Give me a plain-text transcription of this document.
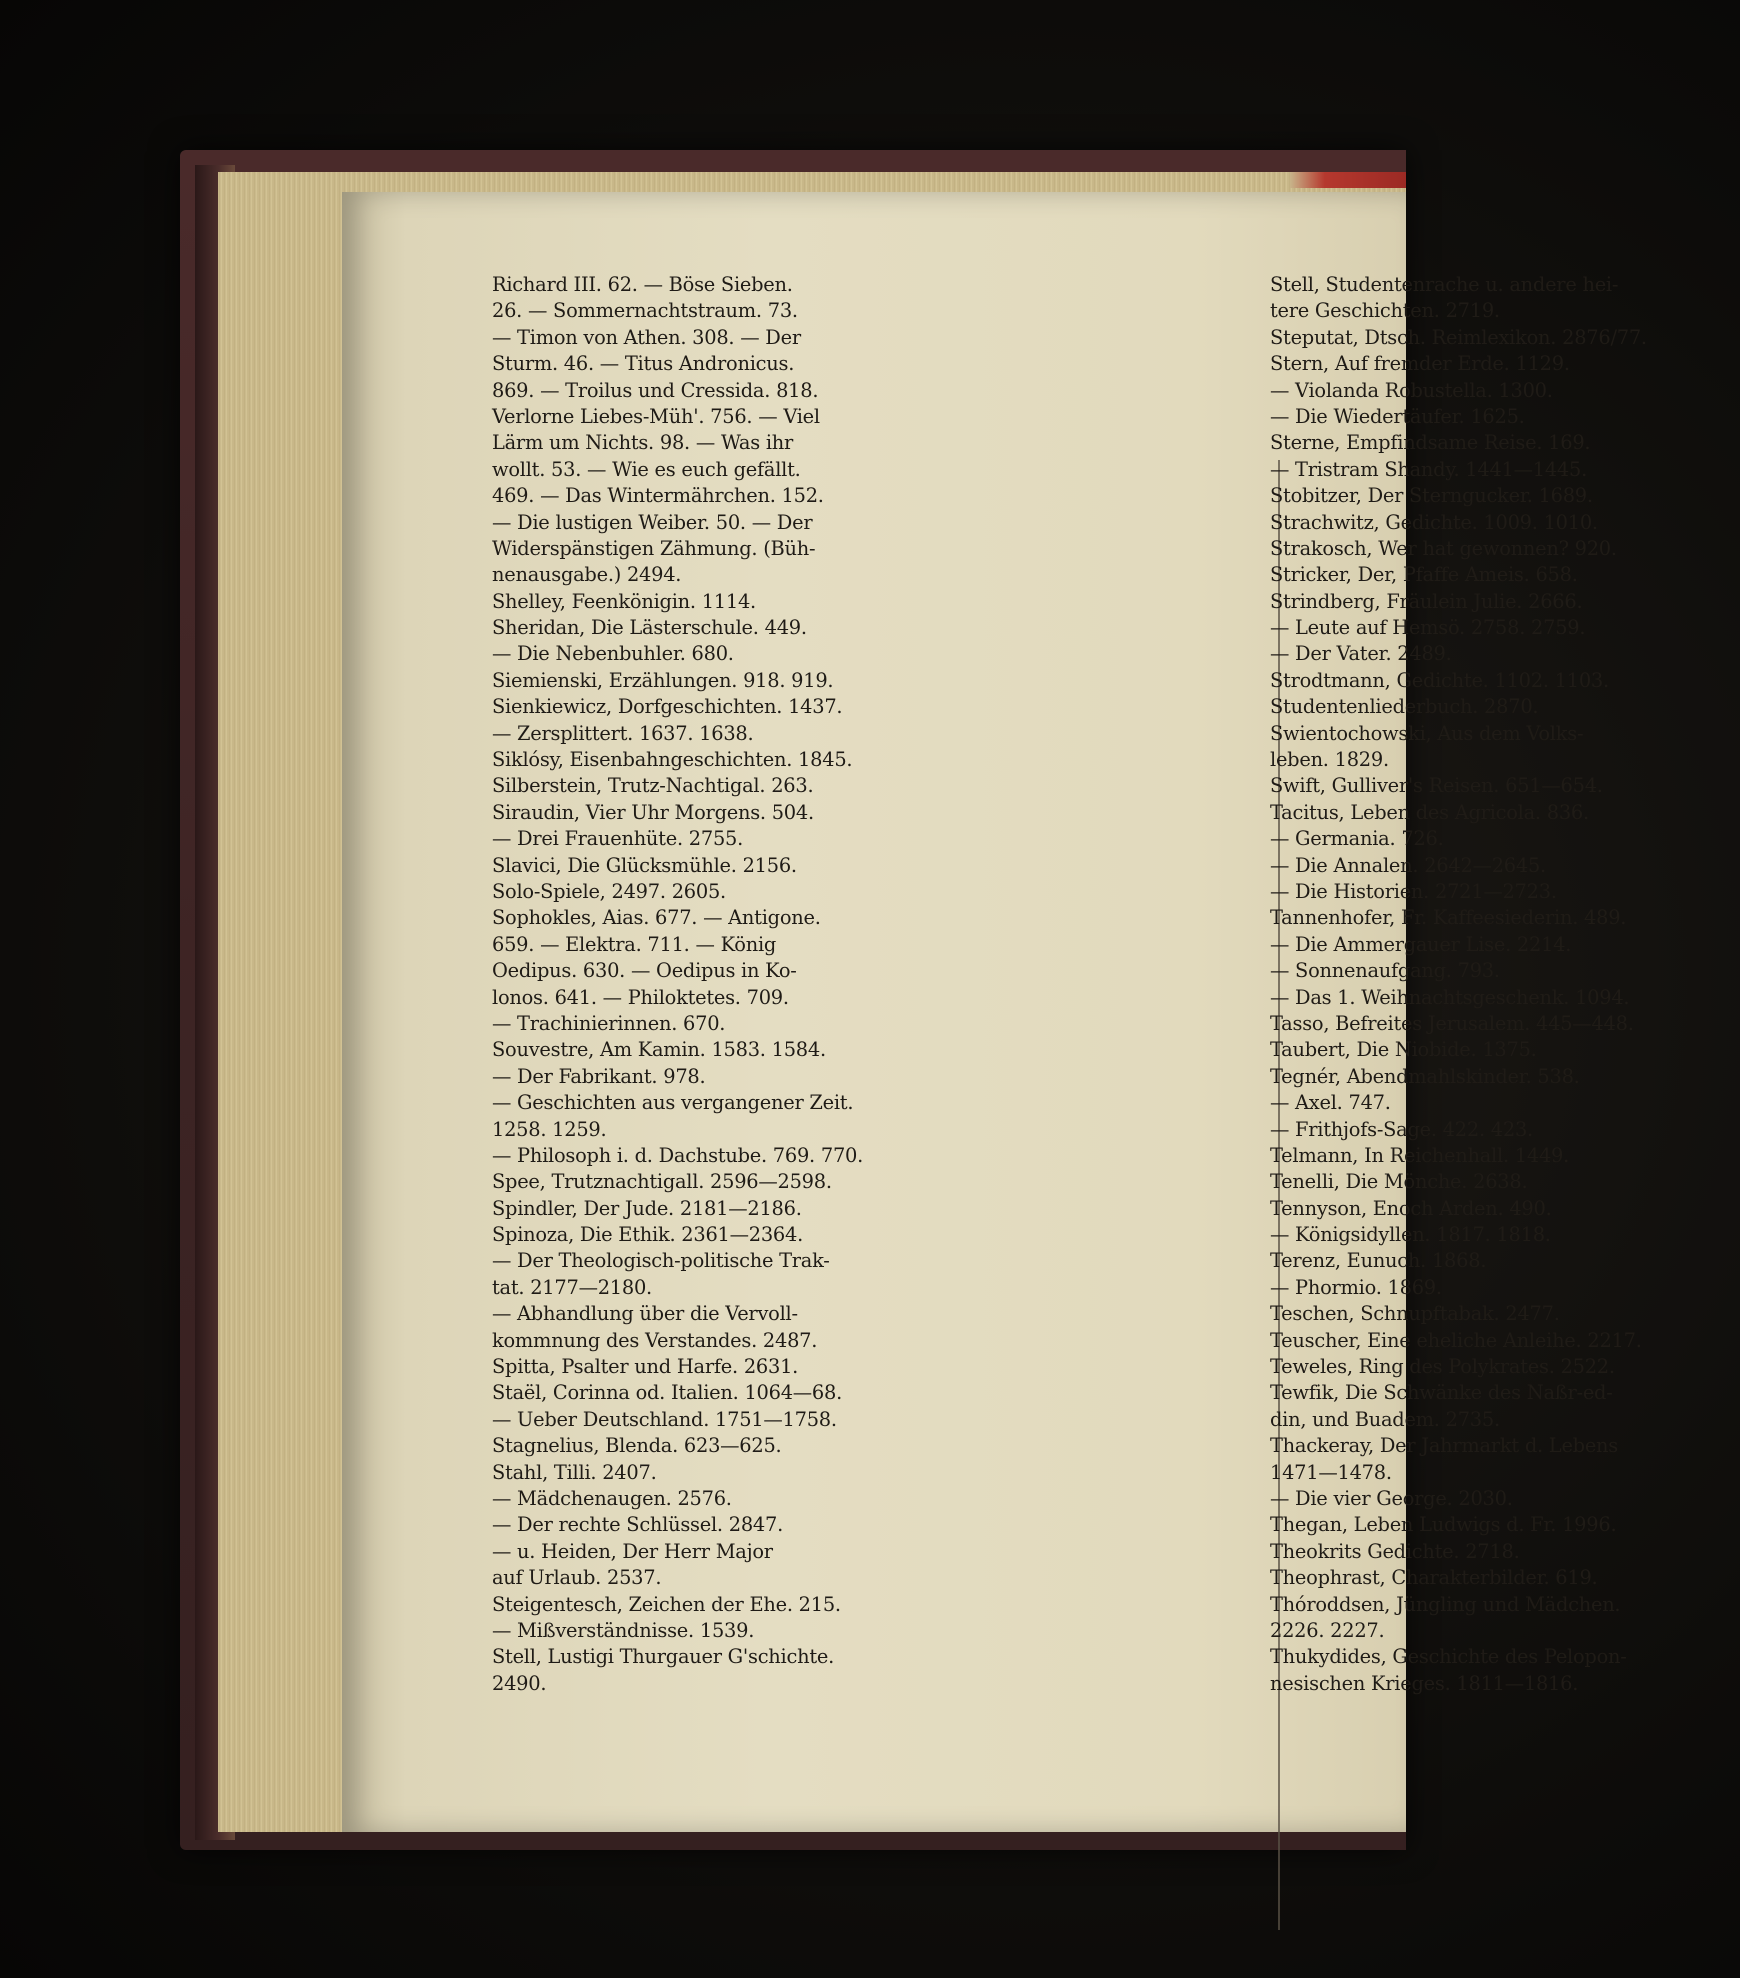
Richard III. 62. — Böse Sieben.
26. — Sommernachtstraum. 73.
— Timon von Athen. 308. — Der
Sturm. 46. — Titus Andronicus.
869. — Troilus und Cressida. 818.
Verlorne Liebes-Müh'. 756. — Viel
Lärm um Nichts. 98. — Was ihr
wollt. 53. — Wie es euch gefällt.
469. — Das Wintermährchen. 152.
— Die lustigen Weiber. 50. — Der
Widerspänstigen Zähmung. (Büh-
nenausgabe.) 2494.
Shelley, Feenkönigin. 1114.
Sheridan, Die Lästerschule. 449.
— Die Nebenbuhler. 680.
Siemienski, Erzählungen. 918. 919.
Sienkiewicz, Dorfgeschichten. 1437.
— Zersplittert. 1637. 1638.
Siklósy, Eisenbahngeschichten. 1845.
Silberstein, Trutz-Nachtigal. 263.
Siraudin, Vier Uhr Morgens. 504.
— Drei Frauenhüte. 2755.
Slavici, Die Glücksmühle. 2156.
Solo-Spiele, 2497. 2605.
Sophokles, Aias. 677. — Antigone.
659. — Elektra. 711. — König
Oedipus. 630. — Oedipus in Ko-
lonos. 641. — Philoktetes. 709.
— Trachinierinnen. 670.
Souvestre, Am Kamin. 1583. 1584.
— Der Fabrikant. 978.
— Geschichten aus vergangener Zeit.
1258. 1259.
— Philosoph i. d. Dachstube. 769. 770.
Spee, Trutznachtigall. 2596—2598.
Spindler, Der Jude. 2181—2186.
Spinoza, Die Ethik. 2361—2364.
— Der Theologisch-politische Trak-
tat. 2177—2180.
— Abhandlung über die Vervoll-
kommnung des Verstandes. 2487.
Spitta, Psalter und Harfe. 2631.
Staël, Corinna od. Italien. 1064—68.
— Ueber Deutschland. 1751—1758.
Stagnelius, Blenda. 623—625.
Stahl, Tilli. 2407.
— Mädchenaugen. 2576.
— Der rechte Schlüssel. 2847.
— u. Heiden, Der Herr Major
auf Urlaub. 2537.
Steigentesch, Zeichen der Ehe. 215.
— Mißverständnisse. 1539.
Stell, Lustigi Thurgauer G'schichte.
2490.
Stell, Studentenrache u. andere hei-
tere Geschichten. 2719.
Steputat, Dtsch. Reimlexikon. 2876/77.
Stern, Auf fremder Erde. 1129.
— Violanda Robustella. 1300.
— Die Wiedertäufer. 1625.
Sterne, Empfindsame Reise. 169.
— Tristram Shandy. 1441—1445.
Stobitzer, Der Sterngucker. 1689.
Strachwitz, Gedichte. 1009. 1010.
Strakosch, Wer hat gewonnen? 920.
Stricker, Der, Pfaffe Ameis. 658.
Strindberg, Fräulein Julie. 2666.
— Leute auf Hemsö. 2758. 2759.
— Der Vater. 2489.
Strodtmann, Gedichte. 1102. 1103.
Studentenliederbuch. 2870.
Swientochowski, Aus dem Volks-
leben. 1829.
Swift, Gulliver's Reisen. 651—654.
Tacitus, Leben des Agricola. 836.
— Germania. 726.
— Die Annalen. 2642—2645.
— Die Historien. 2721—2723.
Tannenhofer, Fr. Kaffeesiederin. 489.
— Die Ammergauer Lise. 2214.
— Sonnenaufgang. 793.
— Das 1. Weihnachtsgeschenk. 1094.
Tasso, Befreites Jerusalem. 445—448.
Taubert, Die Niobide. 1375.
Tegnér, Abendmahlskinder. 538.
— Axel. 747.
— Frithjofs-Sage. 422. 423.
Telmann, In Reichenhall. 1449.
Tenelli, Die Mönche. 2638.
Tennyson, Enoch Arden. 490.
— Königsidyllen. 1817. 1818.
Terenz, Eunuch. 1868.
— Phormio. 1869.
Teschen, Schnupftabak. 2477.
Teuscher, Eine eheliche Anleihe. 2217.
Teweles, Ring des Polykrates. 2522.
Tewfik, Die Schwänke des Naßr-ed-
din, und Buadem. 2735.
Thackeray, Der Jahrmarkt d. Lebens
1471—1478.
— Die vier George. 2030.
Thegan, Leben Ludwigs d. Fr. 1996.
Theokrits Gedichte. 2718.
Theophrast, Charakterbilder. 619.
Thóroddsen, Jüngling und Mädchen.
2226. 2227.
Thukydides, Geschichte des Pelopon-
nesischen Krieges. 1811—1816.
